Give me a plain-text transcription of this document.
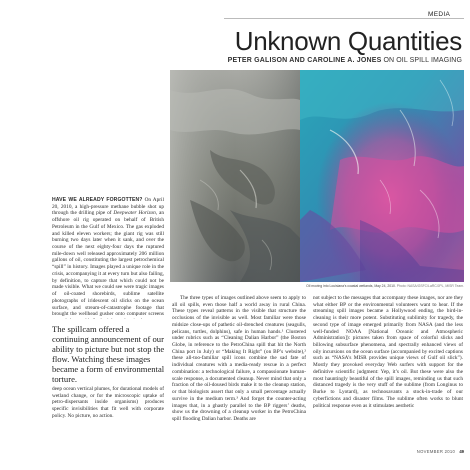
MEDIA
Unknown Quantities
PETER GALISON AND CAROLINE A. JONES ON OIL SPILL IMAGING
Oil moving into Louisiana’s coastal wetlands, May 24, 2010. Photo: NASA/GSFC/LaRC/JPL, MISR Team.

HAVE WE ALREADY FORGOTTEN? On April 20, 2010, a high-pressure methane bubble shot up through the drilling pipe of Deepwater Horizon, an offshore oil rig operated on behalf of British Petroleum in the Gulf of Mexico. The gas exploded and killed eleven workers; the giant rig was still burning two days later when it sank, and over the course of the next eighty-four days the ruptured mile-down well released approximately 206 million gallons of oil, constituting the largest petrochemical “spill” in history. Images played a unique role in the crisis, accompanying it at every turn but also failing, by definition, to capture that which could not be made visible. What we could see were tragic images of oil-coated shorebirds, sublime satellite photographs of iridescent oil slicks on the ocean surface, and stream-of-catastrophe footage that brought the wellhead gusher onto computer screens

The spillcam offered a continuing announcement of our ability to picture but not stop the flow. Watching these images became a form of environmental torture.

deep ocean vertical plumes, for durational models of wetland change, or for the microscopic uptake of petro-dispersants inside organisms) produces specific invisibilities that fit well with corporate policy. No picture, no action.

The three types of images outlined above seem to apply to all oil spills, even those half a world away in rural China. These types reveal patterns in the visible that structure the occlusions of the invisible as well. Most familiar were those midsize close-ups of pathetic oil-drenched creatures (seagulls, pelicans, turtles, dolphins), safe in human hands.¹ Clustered under rubrics such as “Cleaning Dalian Harbor” (the Boston Globe, in reference to the PetroChina spill that hit the North China port in July) or “Making It Right” (on BP’s website),² these all-too-familiar spill icons combine the sad fate of individual creatures with a media-ready rescue in a perfect combination: a technological failure, a compassionate human-scale response, a documented cleanup. Never mind that only a fraction of the oil-doused birds make it to the cleanup station, or that biologists assert that only a small percentage actually survive in the medium term.³ And forget the counter-acting images that, in a ghastly parallel to the BP riggers’ deaths, show us the drowning of a cleanup worker in the PetroChina spill flooding Dalian harbor. Deaths are

not subject to the messages that accompany these images, nor are they what either BP or the environmental volunteers want to hear. If the streaming spill images became a Hollywood ending, the bird-in-cleaning is their more potent. Substituting sublimity for tragedy, the second type of image emerged primarily from NASA (and the less well-funded NOAA [National Oceanic and Atmospheric Administration]): pictures taken from space of colorful slicks and billowing subsurface phenomena, and spectrally enhanced views of oily incursions on the ocean surface (accompanied by excited captions such as “NASA’s MISR provides unique views of Gulf oil slick”). Mostly they provoked everyday Web surfers with support for the definitive scientific judgment: Yep, it’s oil. But these were also the most hauntingly beautiful of the spill images, reminding us that such distanced tragedy is the very stuff of the sublime (from Longinus to Burke to Lyotard), as technosavants a stock-in-trade of our cyberfictions and disaster films. The sublime often works to blunt political response even as it stimulates aesthetic

NOVEMBER 2010 49
